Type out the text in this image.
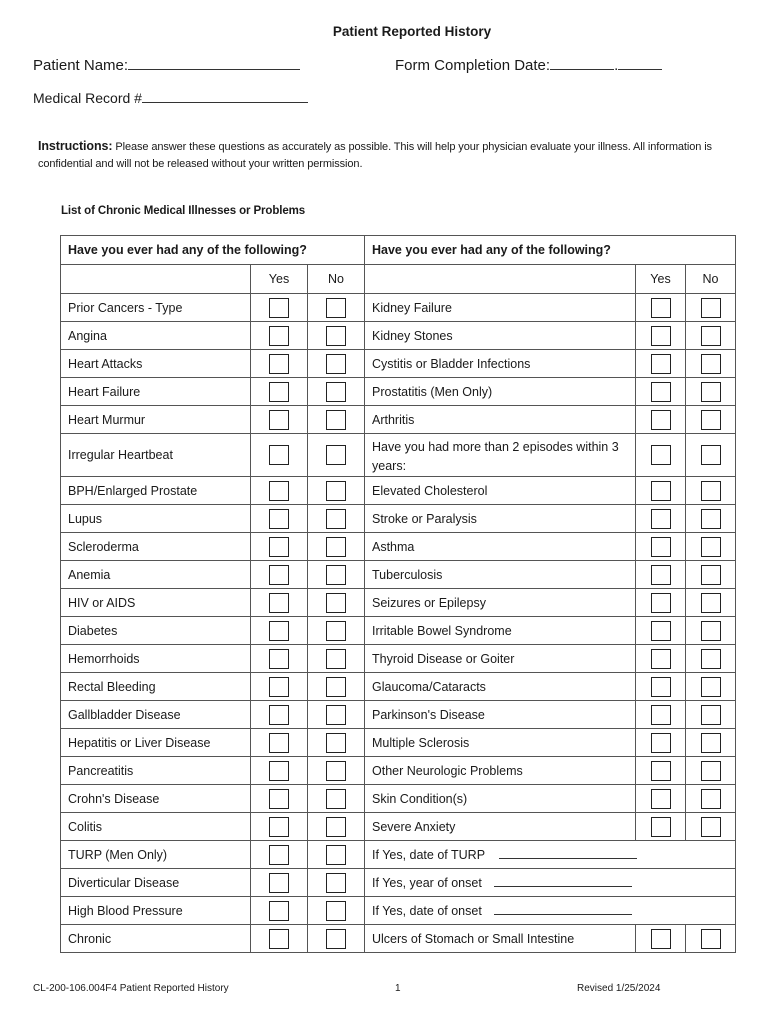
Patient Reported History
Patient Name:	Form Completion Date:	.
Medical Record #
Instructions: Please answer these questions as accurately as possible. This will help your physician evaluate your illness. All information is confidential and will not be released without your written permission.
List of Chronic Medical Illnesses or Problems
Have you ever had any of the following?			Have you ever had any of the following?		
	Yes	No		Yes	No
Prior Cancers - Type			Kidney Failure		
Angina			Kidney Stones		
Heart Attacks			Cystitis or Bladder Infections		
Heart Failure			Prostatitis (Men Only)		
Heart Murmur			Arthritis		
Irregular Heartbeat			Have you had more than 2 episodes within 3 years:		

BPH/Enlarged Prostate			Elevated Cholesterol		
Lupus			Stroke or Paralysis		
Scleroderma			Asthma		
Anemia			Tuberculosis		
HIV or AIDS			Seizures or Epilepsy		
Diabetes			Irritable Bowel Syndrome		
Hemorrhoids			Thyroid Disease or Goiter		
Rectal Bleeding			Glaucoma/Cataracts		
Gallbladder Disease			Parkinson's Disease		
Hepatitis or Liver Disease			Multiple Sclerosis		
Pancreatitis			Other Neurologic Problems		
Crohn's Disease			Skin Condition(s)		
Colitis			Severe Anxiety		
TURP (Men Only)			If Yes, date of TURP		
Diverticular Disease			If Yes, year of onset		
High Blood Pressure			If Yes, date of onset		
Chronic			Ulcers of Stomach or Small Intestine		
CL-200-106.004F4 Patient Reported History	1	Revised 1/25/2024
